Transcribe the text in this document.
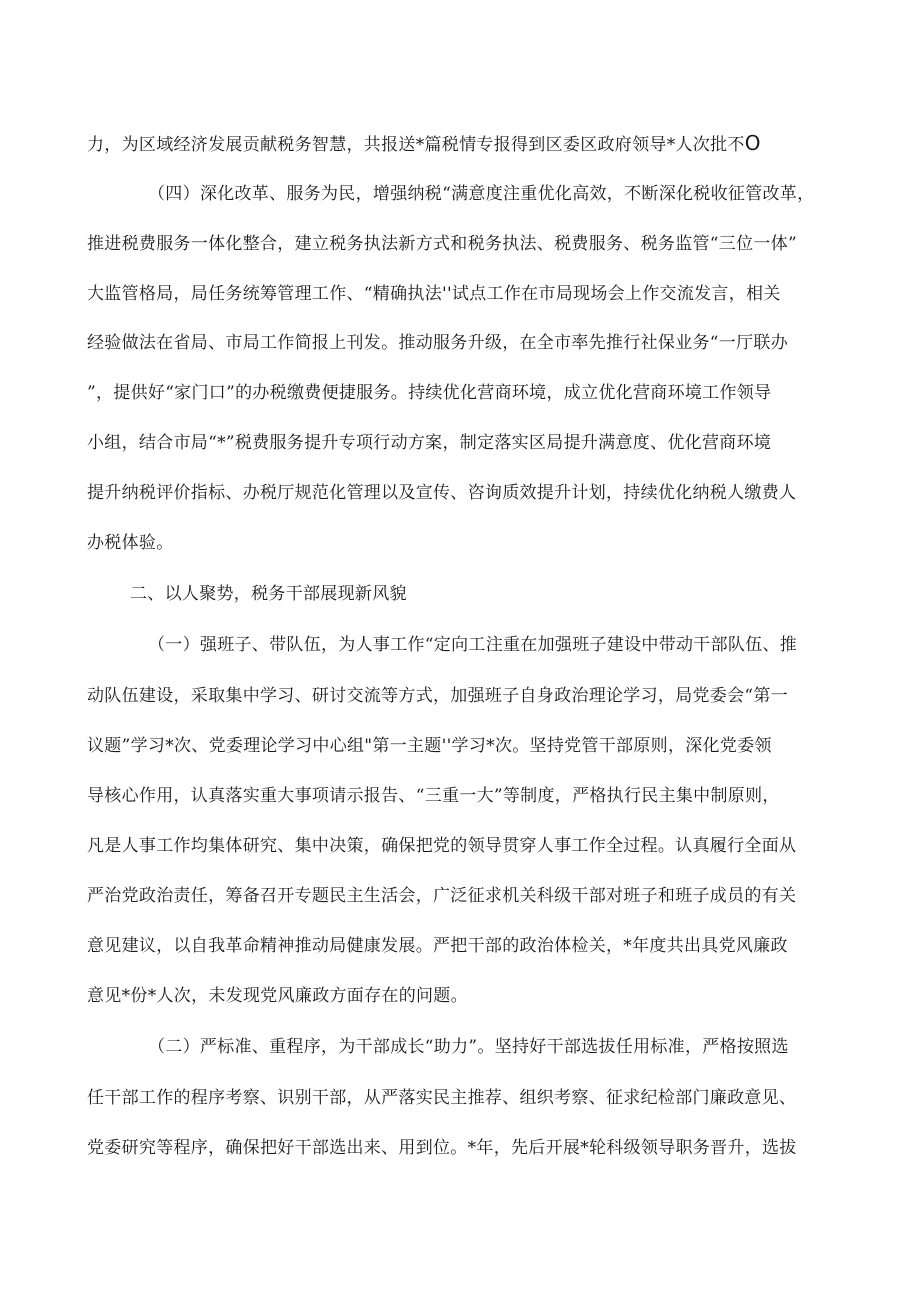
力，为区域经济发展贡献税务智慧，共报送*篇税情专报得到区委区政府领导*人次批不O
（四）深化改革、服务为民，增强纳税“满意度注重优化高效，不断深化税收征管改革，
推进税费服务一体化整合，建立税务执法新方式和税务执法、税费服务、税务监管“三位一体”
大监管格局，局任务统筹管理工作、“精确执法''试点工作在市局现场会上作交流发言，相关
经验做法在省局、市局工作简报上刊发。推动服务升级，在全市率先推行社保业务“一厅联办
”，提供好“家门口”的办税缴费便捷服务。持续优化营商环境，成立优化营商环境工作领导
小组，结合市局“*”税费服务提升专项行动方案，制定落实区局提升满意度、优化营商环境
提升纳税评价指标、办税厅规范化管理以及宣传、咨询质效提升计划，持续优化纳税人缴费人
办税体验。
二、以人聚势，税务干部展现新风貌
（一）强班子、带队伍，为人事工作“定向工注重在加强班子建设中带动干部队伍、推
动队伍建设，采取集中学习、研讨交流等方式，加强班子自身政治理论学习，局党委会“第一
议题”学习*次、党委理论学习中心组"第一主题''学习*次。坚持党管干部原则，深化党委领
导核心作用，认真落实重大事项请示报告、“三重一大”等制度，严格执行民主集中制原则，
凡是人事工作均集体研究、集中决策，确保把党的领导贯穿人事工作全过程。认真履行全面从
严治党政治责任，筹备召开专题民主生活会，广泛征求机关科级干部对班子和班子成员的有关
意见建议，以自我革命精神推动局健康发展。严把干部的政治体检关，*年度共出具党风廉政
意见*份*人次，未发现党风廉政方面存在的问题。
（二）严标准、重程序，为干部成长“助力”。坚持好干部选拔任用标准，严格按照选
任干部工作的程序考察、识别干部，从严落实民主推荐、组织考察、征求纪检部门廉政意见、
党委研究等程序，确保把好干部选出来、用到位。*年，先后开展*轮科级领导职务晋升，选拔
